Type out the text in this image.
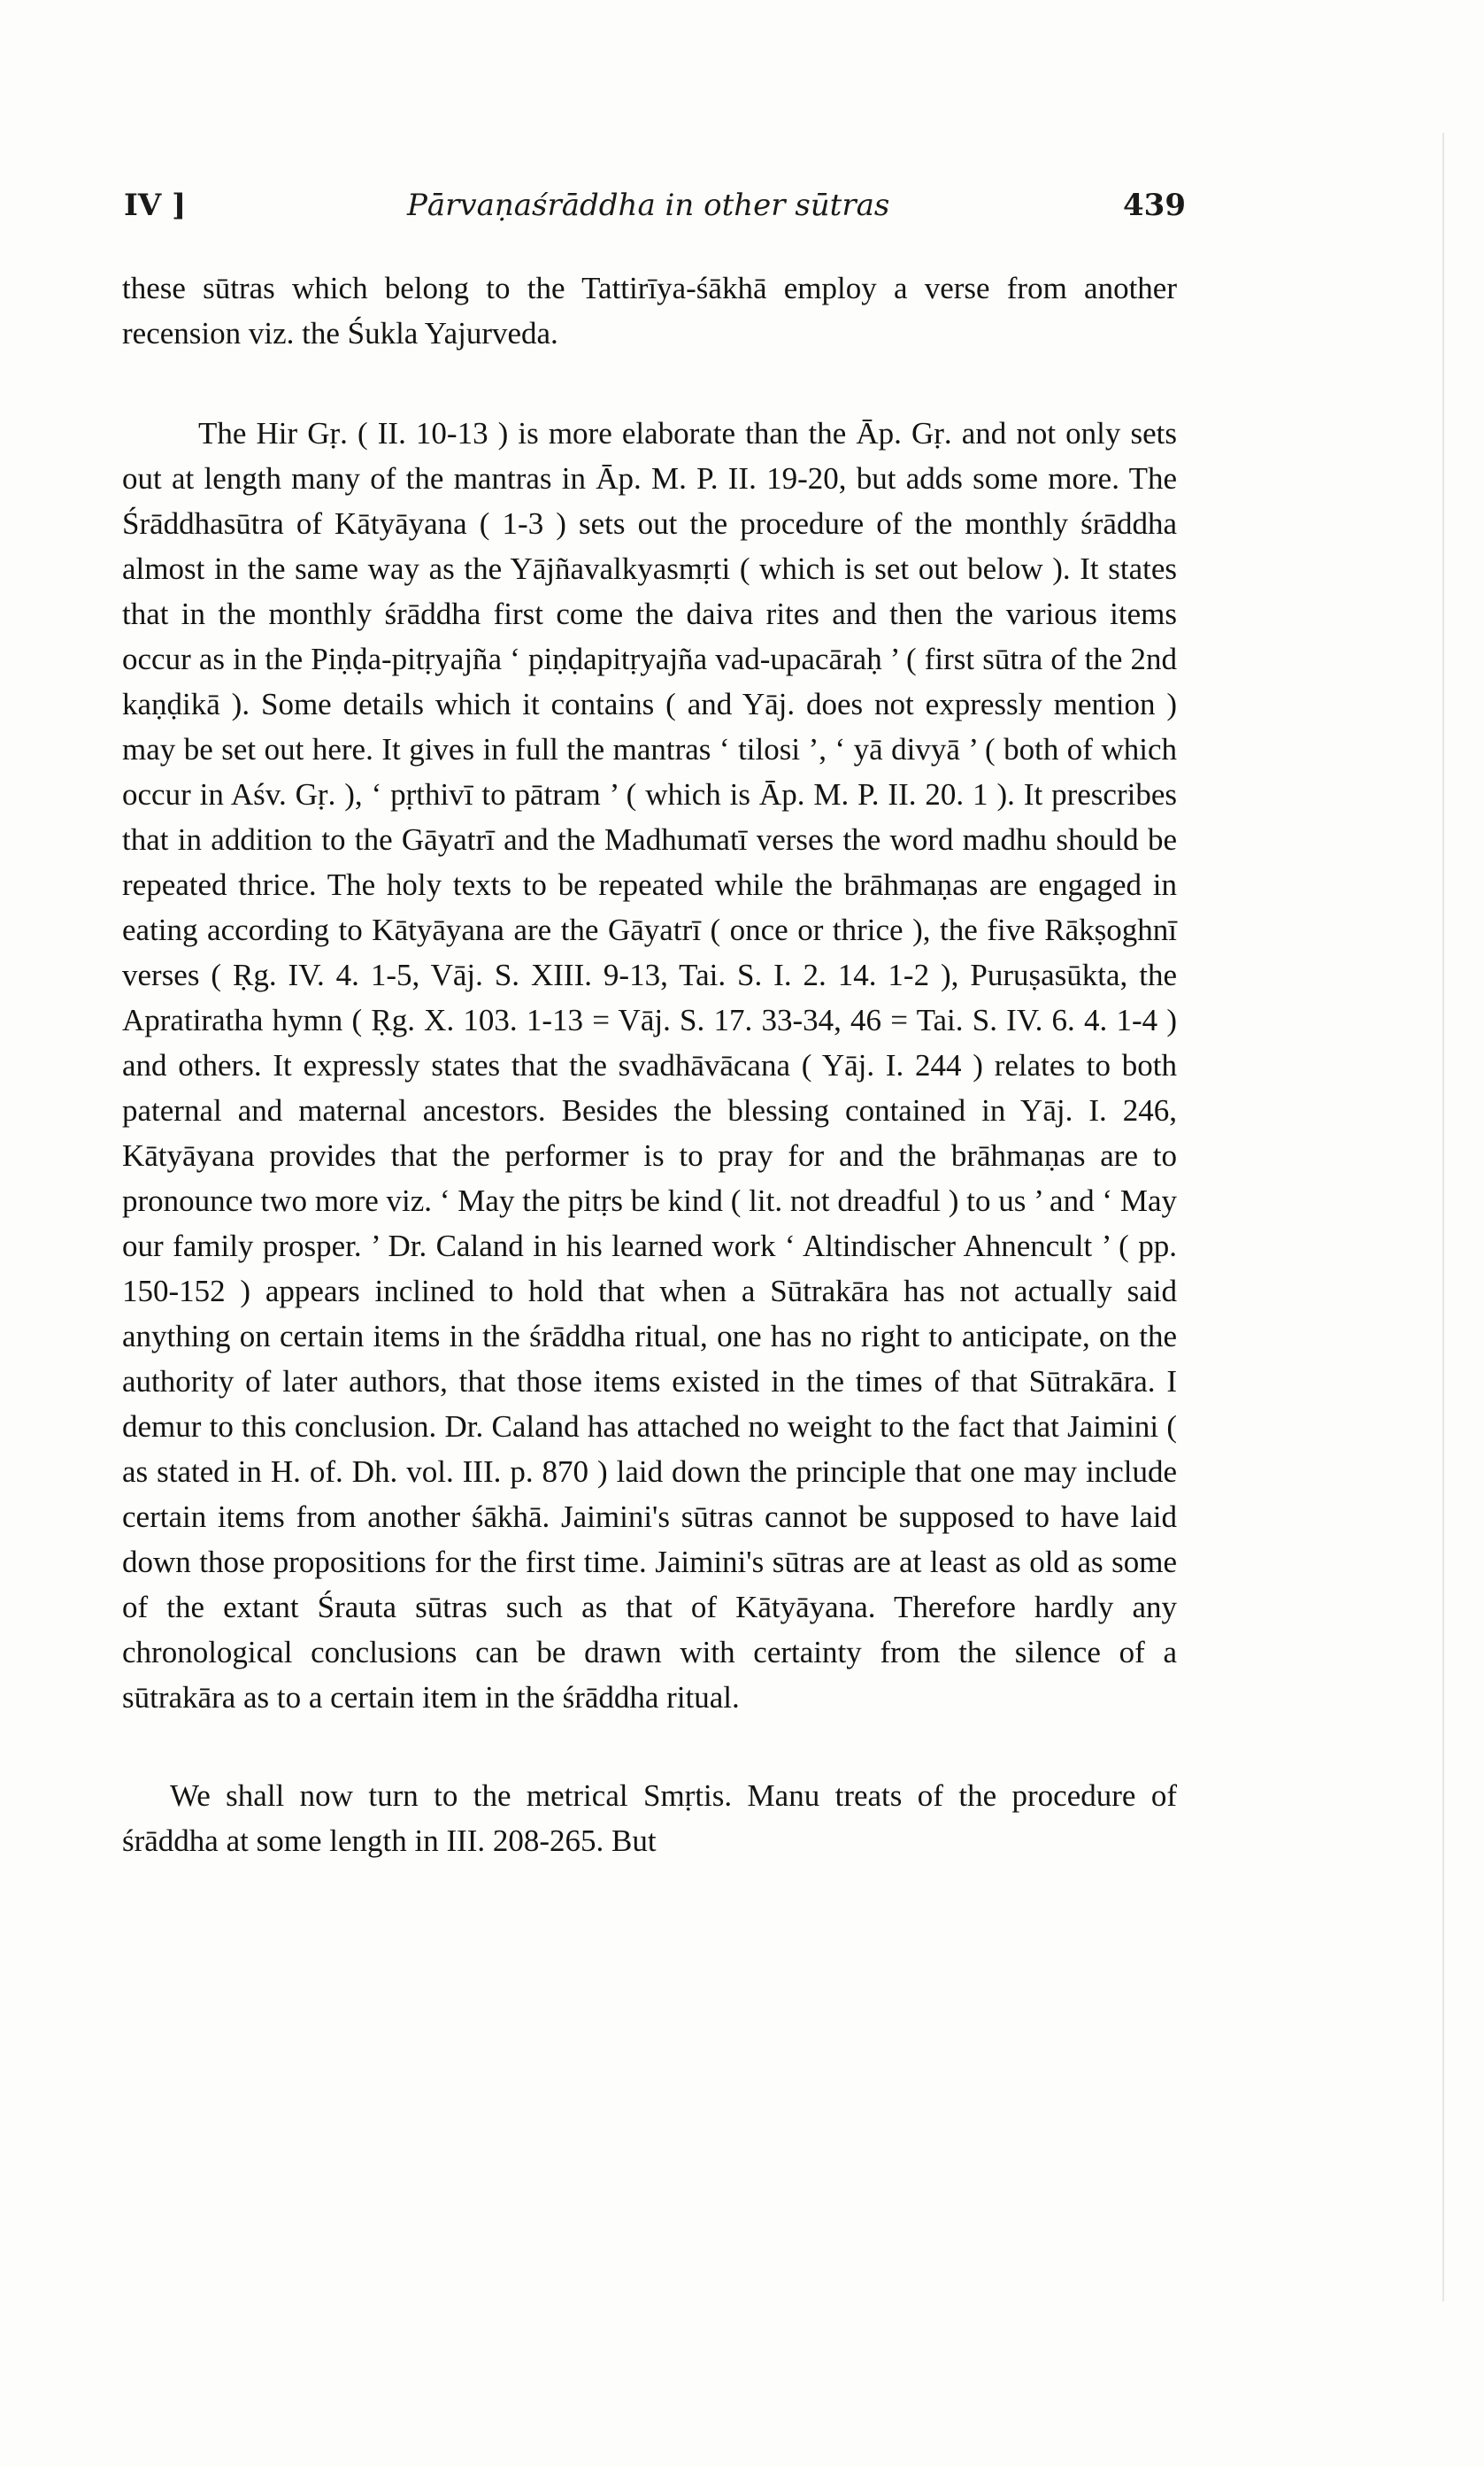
IV ]	Pārvaṇaśrāddha in other sūtras	439

these sūtras which belong to the Tattirīya-śākhā employ a verse from another recension viz. the Śukla Yajurveda.

The Hir Gṛ. ( II. 10-13 ) is more elaborate than the Āp. Gṛ. and not only sets out at length many of the mantras in Āp. M. P. II. 19-20, but adds some more. The Śrāddhasūtra of Kātyāyana ( 1-3 ) sets out the procedure of the monthly śrāddha almost in the same way as the Yājñavalkyasmṛti ( which is set out below ). It states that in the monthly śrāddha first come the daiva rites and then the various items occur as in the Piṇḍa-pitṛyajña ‘ piṇḍapitṛyajña vad-upacāraḥ ’ ( first sūtra of the 2nd kaṇḍikā ). Some details which it contains ( and Yāj. does not expressly mention ) may be set out here. It gives in full the mantras ‘ tilosi ’, ‘ yā divyā ’ ( both of which occur in Aśv. Gṛ. ), ‘ pṛthivī to pātram ’ ( which is Āp. M. P. II. 20. 1 ). It prescribes that in addition to the Gāyatrī and the Madhumatī verses the word madhu should be repeated thrice. The holy texts to be repeated while the brāhmaṇas are engaged in eating according to Kātyāyana are the Gāyatrī ( once or thrice ), the five Rākṣoghnī verses ( Ṛg. IV. 4. 1-5, Vāj. S. XIII. 9-13, Tai. S. I. 2. 14. 1-2 ), Puruṣasūkta, the Apratiratha hymn ( Ṛg. X. 103. 1-13 = Vāj. S. 17. 33-34, 46 = Tai. S. IV. 6. 4. 1-4 ) and others. It expressly states that the svadhāvācana ( Yāj. I. 244 ) relates to both paternal and maternal ancestors. Besides the blessing contained in Yāj. I. 246, Kātyāyana provides that the performer is to pray for and the brāhmaṇas are to pronounce two more viz. ‘ May the pitṛs be kind ( lit. not dreadful ) to us ’ and ‘ May our family prosper. ’ Dr. Caland in his learned work ‘ Altindischer Ahnencult ’ ( pp. 150-152 ) appears inclined to hold that when a Sūtrakāra has not actually said anything on certain items in the śrāddha ritual, one has no right to anticipate, on the authority of later authors, that those items existed in the times of that Sūtrakāra. I demur to this conclusion. Dr. Caland has attached no weight to the fact that Jaimini ( as stated in H. of. Dh. vol. III. p. 870 ) laid down the principle that one may include certain items from another śākhā. Jaimini's sūtras cannot be supposed to have laid down those propositions for the first time. Jaimini's sūtras are at least as old as some of the extant Śrauta sūtras such as that of Kātyāyana. Therefore hardly any chronological conclusions can be drawn with certainty from the silence of a sūtrakāra as to a certain item in the śrāddha ritual.

We shall now turn to the metrical Smṛtis. Manu treats of the procedure of śrāddha at some length in III. 208-265. But
